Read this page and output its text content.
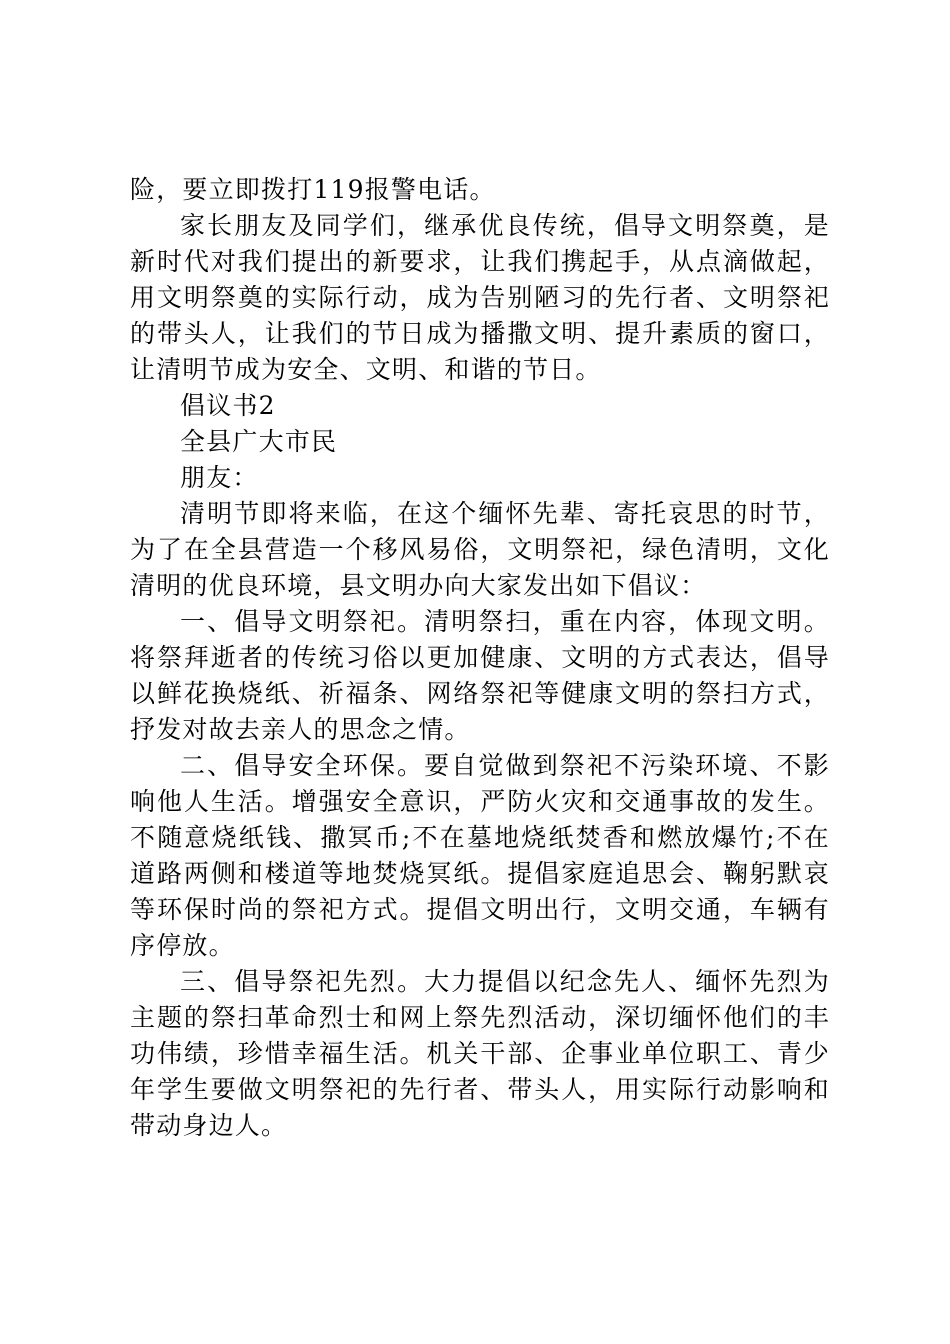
险，要立即拨打119报警电话。

家长朋友及同学们，继承优良传统，倡导文明祭奠，是新时代对我们提出的新要求，让我们携起手，从点滴做起，用文明祭奠的实际行动，成为告别陋习的先行者、文明祭祀的带头人，让我们的节日成为播撒文明、提升素质的窗口，让清明节成为安全、文明、和谐的节日。

倡议书2

全县广大市民

朋友：

清明节即将来临，在这个缅怀先辈、寄托哀思的时节，为了在全县营造一个移风易俗，文明祭祀，绿色清明，文化清明的优良环境，县文明办向大家发出如下倡议：

一、倡导文明祭祀。清明祭扫，重在内容，体现文明。将祭拜逝者的传统习俗以更加健康、文明的方式表达，倡导以鲜花换烧纸、祈福条、网络祭祀等健康文明的祭扫方式，抒发对故去亲人的思念之情。

二、倡导安全环保。要自觉做到祭祀不污染环境、不影响他人生活。增强安全意识，严防火灾和交通事故的发生。不随意烧纸钱、撒冥币;不在墓地烧纸焚香和燃放爆竹;不在道路两侧和楼道等地焚烧冥纸。提倡家庭追思会、鞠躬默哀等环保时尚的祭祀方式。提倡文明出行，文明交通，车辆有序停放。

三、倡导祭祀先烈。大力提倡以纪念先人、缅怀先烈为主题的祭扫革命烈士和网上祭先烈活动，深切缅怀他们的丰功伟绩，珍惜幸福生活。机关干部、企事业单位职工、青少年学生要做文明祭祀的先行者、带头人，用实际行动影响和带动身边人。
